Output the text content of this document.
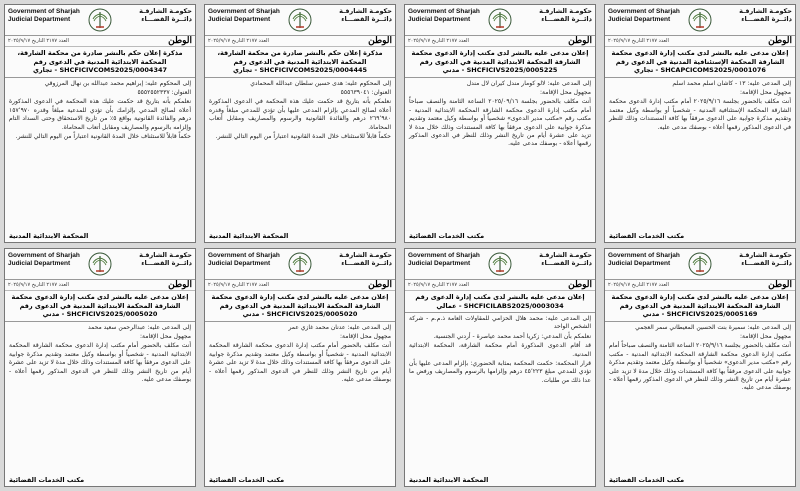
Government of Sharjah
Judicial Department
حكومـة الشارقـة
دائــرة القضـــاء
العدد ٢١٧٧ التاريخ ٢٠٢٥/٩/١٧	الوطن
إعلان مدعى عليه بالنشر لدى مكتب إدارة الدعوى محكمة الشارقة المحكمة الإستئنافية المدنية في الدعوى رقم SHCAPCICOMS2025/0001076 - تجاري

إلى المدعى عليه: ١٣ - كاشان اسلم محمد اسلم

مجهول محل الإقامة:

أنت مكلف بالحضور بجلسة ٢٠٢٥/٩/١٦ أمام مكتب إدارة الدعوى محكمة الشارقة المحكمة الإستئنافية المدنية - شخصياً أو بواسطة وكيل معتمد وتقديم مذكرة جوابية على الدعوى مرفقاً بها كافة المستندات وذلك للنظر في الدعوى المذكور رقمها أعلاه - بوصفك مدعى عليه.

مكتب الخدمات القضائية
Government of Sharjah
Judicial Department
حكومـة الشارقـة
دائــرة القضـــاء
العدد ٢١٧٧ التاريخ ٢٠٢٥/٩/١٧	الوطن
إعلان مدعى عليه بالنشر لدى مكتب إدارة الدعوى محكمة الشارقة المحكمة الابتدائية المدنية في الدعوى رقم SHCFICIVS2025/0005225 - مدني

إلى المدعى عليه: لالو كومار مندل كيران لال مندل

مجهول محل الإقامة:

أنت مكلف بالحضور بجلسة ٢٠٢٥/٠٩/١٦ الساعة الثامنة والنصف صباحاً أمام مكتب إدارة الدعوى محكمة الشارقة المحكمة الابتدائية المدنية - مكتب رقم «مكتب مدير الدعوى» شخصياً أو بواسطة وكيل معتمد وتقديم مذكرة جوابية على الدعوى مرفقاً بها كافة المستندات وذلك خلال مدة لا تزيد على عشرة أيام من تاريخ النشر وذلك للنظر في الدعوى المذكور رقمها أعلاه - بوصفك مدعى عليه.

مكتب الخدمات القضائية
Government of Sharjah
Judicial Department
حكومـة الشارقـة
دائــرة القضـــاء
العدد ٢١٧٧ التاريخ ٢٠٢٥/٩/١٧	الوطن
مذكرة إعلان حكم بالنشر صادرة من محكمة الشارقة، المحكمة الابتدائية المدنية في الدعوى رقم SHCFICIVCOMS2025/0004445 - تجاري

إلى المحكوم عليه: هدى حسين سلطان عبدالله المحمادي

العنوان: ٥٥٥٦٣٩٠٤١

نعلمكم بأنه بتاريخ قد حكمت عليك هذه المحكمة في الدعوى المذكورة أعلاه لصالح المدعي بإلزام المدعى عليها بأن تؤدي للمدعي مبلغاً وقدره ٢٦٩٬٩٨٠ درهم والفائدة القانونية والرسوم والمصاريف ومقابل أتعاب المحاماة.

حكماً قابلاً للاستئناف خلال المدة القانونية اعتباراً من اليوم التالي للنشر.

المحكمة الابتدائية المدنية
Government of Sharjah
Judicial Department
حكومـة الشارقـة
دائــرة القضـــاء
العدد ٢١٧٧ التاريخ ٢٠٢٥/٩/١٧	الوطن
مذكرة إعلان حكم بالنشر صادرة من محكمة الشارقة، المحكمة الابتدائية المدنية في الدعوى رقم SHCFICIVCOMS2025/0004347 - تجاري

إلى المحكوم عليه: إبراهيم محمد عبدالله بن نهال المرزوقي

العنوان: ٥٥٥٢٥٥٢٣٣٧

نعلمكم بأنه بتاريخ قد حكمت عليك هذه المحكمة في الدعوى المذكورة أعلاه لصالح المدعي بإلزامك بأن تؤدي للمدعية مبلغاً وقدره ١٥٧٬٩٧٠ درهم والفائدة القانونية بواقع ٥٪ من تاريخ الاستحقاق وحتى السداد التام وإلزامه بالرسوم والمصاريف ومقابل أتعاب المحاماة.

حكماً قابلاً للاستئناف خلال المدة القانونية اعتباراً من اليوم التالي للنشر.

المحكمة الابتدائية المدنية
Government of Sharjah
Judicial Department
حكومـة الشارقـة
دائــرة القضـــاء
العدد ٢١٧٧ التاريخ ٢٠٢٥/٩/١٧	الوطن
إعلان مدعى عليه بالنشر لدى مكتب إدارة الدعوى محكمة الشارقة المحكمة الابتدائية المدنية في الدعوى رقم SHCFICIVS2025/0005169 - مدني

إلى المدعى عليه: سميرة بنت الحسين المعيطاني سمر العجمي

مجهول محل الإقامة:

أنت مكلف بالحضور بجلسة ٢٠٢٥/٩/١٦ الساعة الثامنة والنصف صباحاً أمام مكتب إدارة الدعوى محكمة الشارقة المحكمة الابتدائية المدنية - مكتب رقم «مكتب مدير الدعوى» شخصياً أو بواسطة وكيل معتمد وتقديم مذكرة جوابية على الدعوى مرفقاً بها كافة المستندات وذلك خلال مدة لا تزيد على عشرة أيام من تاريخ النشر وذلك للنظر في الدعوى المذكور رقمها أعلاه - بوصفك مدعى عليه.

مكتب الخدمات القضائية
Government of Sharjah
Judicial Department
حكومـة الشارقـة
دائــرة القضـــاء
العدد ٢١٧٧ التاريخ ٢٠٢٥/٩/١٧	الوطن
إعلان مدعى عليه بالنشر لدى مكتب إدارة الدعوى رقم SHCFICILABS2025/0003034 - عمالي

إلى المدعى عليه: محمد هلال الحزامي للمقاولات العامة ذ.م.م - شركة الشخص الواحد

نعلمكم بأن المدعي: زكريا أحمد محمد عياصرة - أردني الجنسية.

قد أقام الدعوى المذكورة أمام محكمة الشارقة، المحكمة الابتدائية المدنية.

قرار المحكمة: حكمت المحكمة بمثابة الحضوري: بإلزام المدعى عليها بأن تؤدي للمدعي مبلغ ٤٥٬٢٢٣ درهم وإلزامها بالرسوم والمصاريف ورفض ما عدا ذلك من طلبات.

المحكمة الابتدائية المدنية
Government of Sharjah
Judicial Department
حكومـة الشارقـة
دائــرة القضـــاء
العدد ٢١٧٧ التاريخ ٢٠٢٥/٩/١٧	الوطن
إعلان مدعى عليه بالنشر لدى مكتب إدارة الدعوى محكمة الشارقة المحكمة الابتدائية المدنية في الدعوى رقم SHCFICIVS2025/0005020 - مدني

إلى المدعى عليه: عدنان محمد غازي عمر

مجهول محل الإقامة:

أنت مكلف بالحضور أمام مكتب إدارة الدعوى محكمة الشارقة المحكمة الابتدائية المدنية - شخصياً أو بواسطة وكيل معتمد وتقديم مذكرة جوابية على الدعوى مرفقاً بها كافة المستندات وذلك خلال مدة لا تزيد على عشرة أيام من تاريخ النشر وذلك للنظر في الدعوى المذكور رقمها أعلاه - بوصفك مدعى عليه.

مكتب الخدمات القضائية
Government of Sharjah
Judicial Department
حكومـة الشارقـة
دائــرة القضـــاء
العدد ٢١٧٧ التاريخ ٢٠٢٥/٩/١٧	الوطن
إعلان مدعى عليه بالنشر لدى مكتب إدارة الدعوى محكمة الشارقة المحكمة الابتدائية المدنية في الدعوى رقم SHCFICIVS2025/0005020 - مدني

إلى المدعى عليه: عبدالرحمن سعيد محمد

مجهول محل الإقامة:

أنت مكلف بالحضور أمام مكتب إدارة الدعوى محكمة الشارقة المحكمة الابتدائية المدنية - شخصياً أو بواسطة وكيل معتمد وتقديم مذكرة جوابية على الدعوى مرفقاً بها كافة المستندات وذلك خلال مدة لا تزيد على عشرة أيام من تاريخ النشر وذلك للنظر في الدعوى المذكور رقمها أعلاه - بوصفك مدعى عليه.

مكتب الخدمات القضائية
